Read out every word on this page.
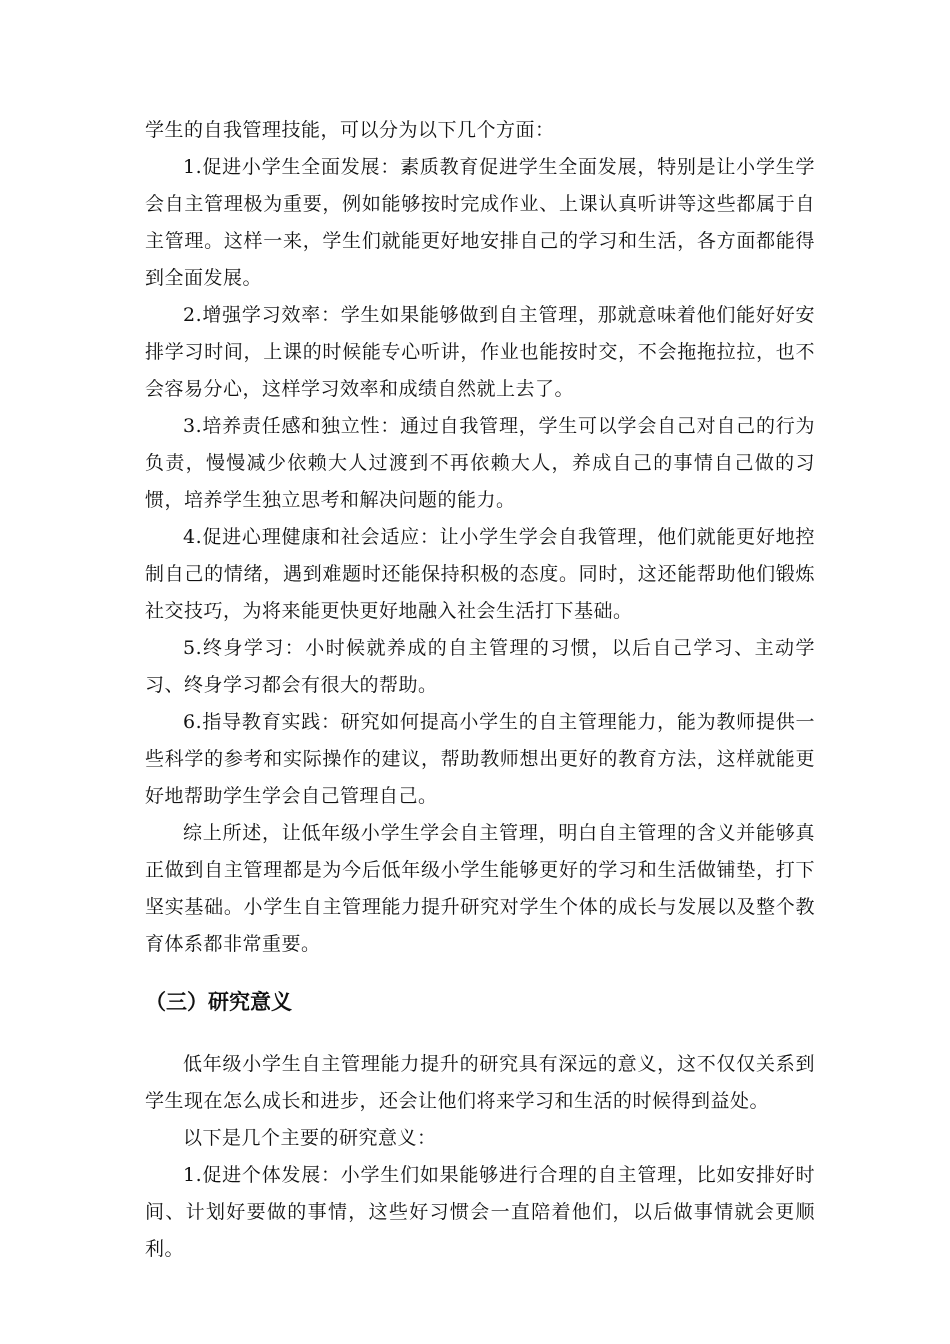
学生的自我管理技能，可以分为以下几个方面：

1.促进小学生全面发展：素质教育促进学生全面发展，特别是让小学生学会自主管理极为重要，例如能够按时完成作业、上课认真听讲等这些都属于自主管理。这样一来，学生们就能更好地安排自己的学习和生活，各方面都能得到全面发展。

2.增强学习效率：学生如果能够做到自主管理，那就意味着他们能好好安排学习时间，上课的时候能专心听讲，作业也能按时交，不会拖拖拉拉，也不会容易分心，这样学习效率和成绩自然就上去了。

3.培养责任感和独立性：通过自我管理，学生可以学会自己对自己的行为负责，慢慢减少依赖大人过渡到不再依赖大人，养成自己的事情自己做的习惯，培养学生独立思考和解决问题的能力。

4.促进心理健康和社会适应：让小学生学会自我管理，他们就能更好地控制自己的情绪，遇到难题时还能保持积极的态度。同时，这还能帮助他们锻炼社交技巧，为将来能更快更好地融入社会生活打下基础。

5.终身学习：小时候就养成的自主管理的习惯，以后自己学习、主动学习、终身学习都会有很大的帮助。

6.指导教育实践：研究如何提高小学生的自主管理能力，能为教师提供一些科学的参考和实际操作的建议，帮助教师想出更好的教育方法，这样就能更好地帮助学生学会自己管理自己。

综上所述，让低年级小学生学会自主管理，明白自主管理的含义并能够真正做到自主管理都是为今后低年级小学生能够更好的学习和生活做铺垫，打下坚实基础。小学生自主管理能力提升研究对学生个体的成长与发展以及整个教育体系都非常重要。

（三）研究意义

低年级小学生自主管理能力提升的研究具有深远的意义，这不仅仅关系到学生现在怎么成长和进步，还会让他们将来学习和生活的时候得到益处。

以下是几个主要的研究意义：

1.促进个体发展：小学生们如果能够进行合理的自主管理，比如安排好时间、计划好要做的事情，这些好习惯会一直陪着他们，以后做事情就会更顺利。
